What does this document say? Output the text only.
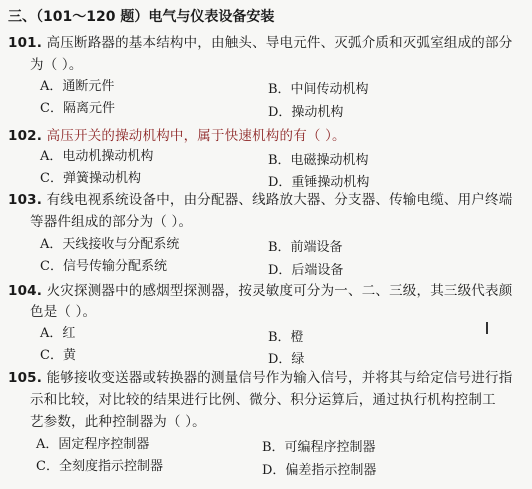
三、（101～120 题）电气与仪表设备安装
101. 高压断路器的基本结构中，由触头、导电元件、灭弧介质和灭弧室组成的部分
为（ ）。
A．通断元件	B．中间传动机构
C．隔离元件	D．操动机构
102. 高压开关的操动机构中，属于快速机构的有（ ）。
A．电动机操动机构	B．电磁操动机构
C．弹簧操动机构	D．重锤操动机构
103. 有线电视系统设备中，由分配器、线路放大器、分支器、传输电缆、用户终端
等器件组成的部分为（ ）。
A．天线接收与分配系统	B．前端设备
C．信号传输分配系统	D．后端设备
104. 火灾探测器中的感烟型探测器，按灵敏度可分为一、二、三级，其三级代表颜
色是（ ）。
A．红	B．橙
C．黄	D．绿
105. 能够接收变送器或转换器的测量信号作为输入信号，并将其与给定信号进行指
示和比较，对比较的结果进行比例、微分、积分运算后，通过执行机构控制工
艺参数，此种控制器为（ ）。
A．固定程序控制器	B．可编程序控制器
C．全刻度指示控制器	D．偏差指示控制器
